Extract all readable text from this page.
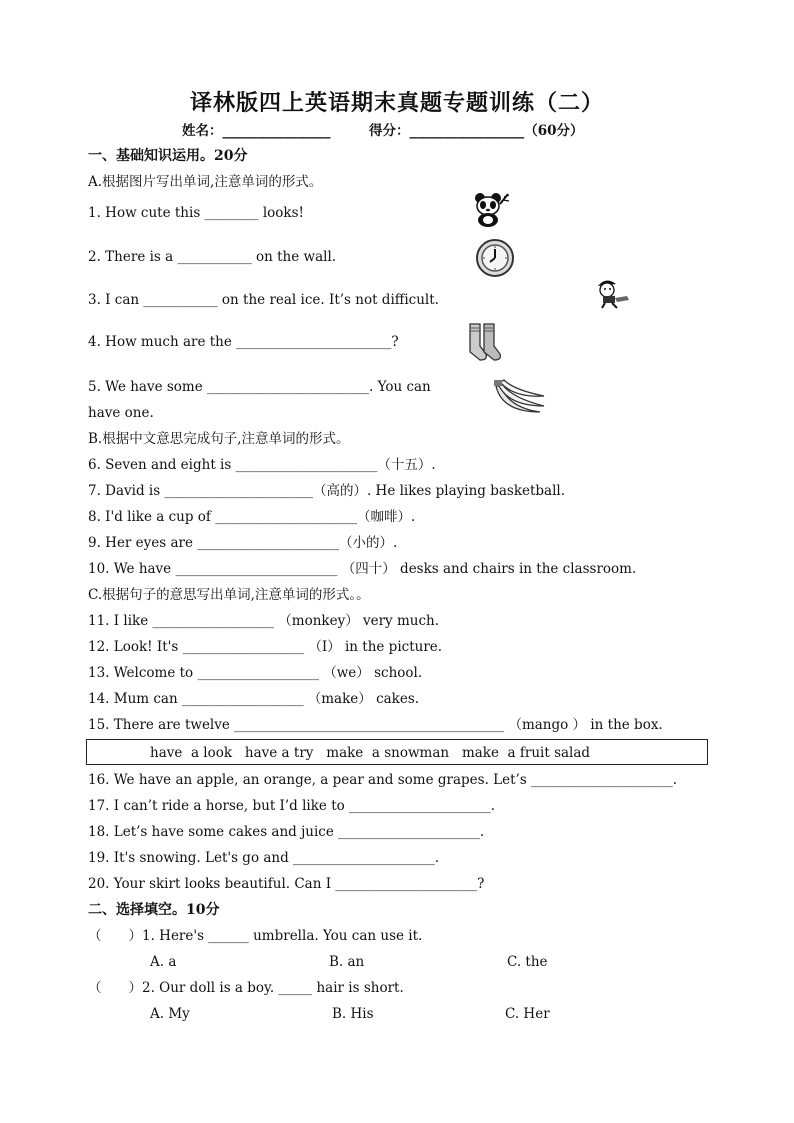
译林版四上英语期末真题专题训练（二）
姓名：________________	得分：_________________（60分）
一、基础知识运用。20分
A.根据图片写出单词,注意单词的形式。
1. How cute this ________ looks!
2. There is a ___________ on the wall.
3. I can ___________ on the real ice. It’s not difficult.
4. How much are the _______________________?
5. We have some ________________________. You can
have one.
B.根据中文意思完成句子,注意单词的形式。
6. Seven and eight is _____________________（十五）.
7. David is ______________________（高的）. He likes playing basketball.
8. I'd like a cup of _____________________（咖啡）.
9. Her eyes are _____________________（小的）.
10. We have ________________________ （四十） desks and chairs in the classroom.
C.根据句子的意思写出单词,注意单词的形式。。
11. I like __________________ （monkey） very much.
12. Look! It's __________________ （I） in the picture.
13. Welcome to __________________ （we） school.
14. Mum can __________________ （make） cakes.
15. There are twelve ________________________________________ （mango ） in the box.
have  a look   have a try   make  a snowman   make  a fruit salad
16. We have an apple, an orange, a pear and some grapes. Let’s _____________________.
17. I can’t ride a horse, but I’d like to _____________________.
18. Let’s have some cakes and juice _____________________.
19. It's snowing. Let's go and _____________________.
20. Your skirt looks beautiful. Can I _____________________?
二、选择填空。10分
（　　）1. Here's ______ umbrella. You can use it.
A. a	B. an	C. the
（　　）2. Our doll is a boy. _____ hair is short.
A. My	B. His	C. Her
